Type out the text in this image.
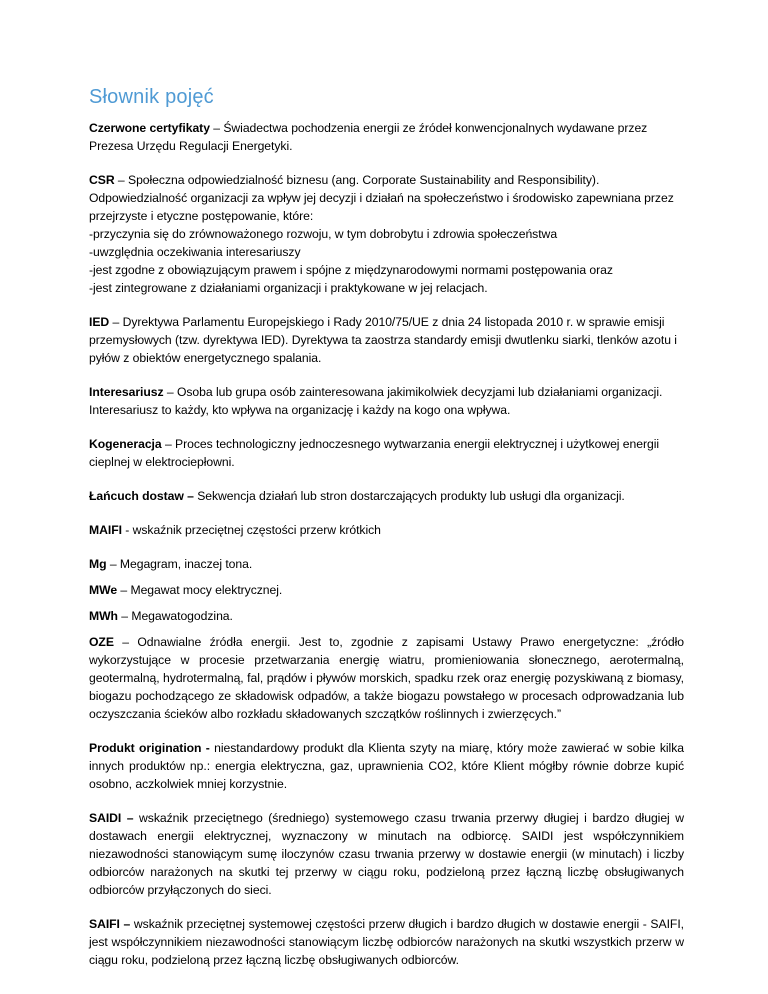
Słownik pojęć

Czerwone certyfikaty – Świadectwa pochodzenia energii ze źródeł konwencjonalnych wydawane przez Prezesa Urzędu Regulacji Energetyki.

CSR – Społeczna odpowiedzialność biznesu (ang. Corporate Sustainability and Responsibility). Odpowiedzialność organizacji za wpływ jej decyzji i działań na społeczeństwo i środowisko zapewniana przez przejrzyste i etyczne postępowanie, które:
-przyczynia się do zrównoważonego rozwoju, w tym dobrobytu i zdrowia społeczeństwa
-uwzględnia oczekiwania interesariuszy
-jest zgodne z obowiązującym prawem i spójne z międzynarodowymi normami postępowania oraz
-jest zintegrowane z działaniami organizacji i praktykowane w jej relacjach.

IED – Dyrektywa Parlamentu Europejskiego i Rady 2010/75/UE z dnia 24 listopada 2010 r. w sprawie emisji przemysłowych (tzw. dyrektywa IED). Dyrektywa ta zaostrza standardy emisji dwutlenku siarki, tlenków azotu i pyłów z obiektów energetycznego spalania.

Interesariusz – Osoba lub grupa osób zainteresowana jakimikolwiek decyzjami lub działaniami organizacji. Interesariusz to każdy, kto wpływa na organizację i każdy na kogo ona wpływa.

Kogeneracja – Proces technologiczny jednoczesnego wytwarzania energii elektrycznej i użytkowej energii cieplnej w elektrociepłowni.

Łańcuch dostaw – Sekwencja działań lub stron dostarczających produkty lub usługi dla organizacji.

MAIFI - wskaźnik przeciętnej częstości przerw krótkich

Mg – Megagram, inaczej tona.

MWe – Megawat mocy elektrycznej.

MWh – Megawatogodzina.

OZE – Odnawialne źródła energii. Jest to, zgodnie z zapisami Ustawy Prawo energetyczne: „źródło wykorzystujące w procesie przetwarzania energię wiatru, promieniowania słonecznego, aerotermalną, geotermalną, hydrotermalną, fal, prądów i pływów morskich, spadku rzek oraz energię pozyskiwaną z biomasy, biogazu pochodzącego ze składowisk odpadów, a także biogazu powstałego w procesach odprowadzania lub oczyszczania ścieków albo rozkładu składowanych szczątków roślinnych i zwierzęcych.”

Produkt origination - niestandardowy produkt dla Klienta szyty na miarę, który może zawierać w sobie kilka innych produktów np.: energia elektryczna, gaz, uprawnienia CO2, które Klient mógłby równie dobrze kupić osobno, aczkolwiek mniej korzystnie.

SAIDI – wskaźnik przeciętnego (średniego) systemowego czasu trwania przerwy długiej i bardzo długiej w dostawach energii elektrycznej, wyznaczony w minutach na odbiorcę. SAIDI jest współczynnikiem niezawodności stanowiącym sumę iloczynów czasu trwania przerwy w dostawie energii (w minutach) i liczby odbiorców narażonych na skutki tej przerwy w ciągu roku, podzieloną przez łączną liczbę obsługiwanych odbiorców przyłączonych do sieci.

SAIFI – wskaźnik przeciętnej systemowej częstości przerw długich i bardzo długich w dostawie energii - SAIFI, jest współczynnikiem niezawodności stanowiącym liczbę odbiorców narażonych na skutki wszystkich przerw w ciągu roku, podzieloną przez łączną liczbę obsługiwanych odbiorców.
